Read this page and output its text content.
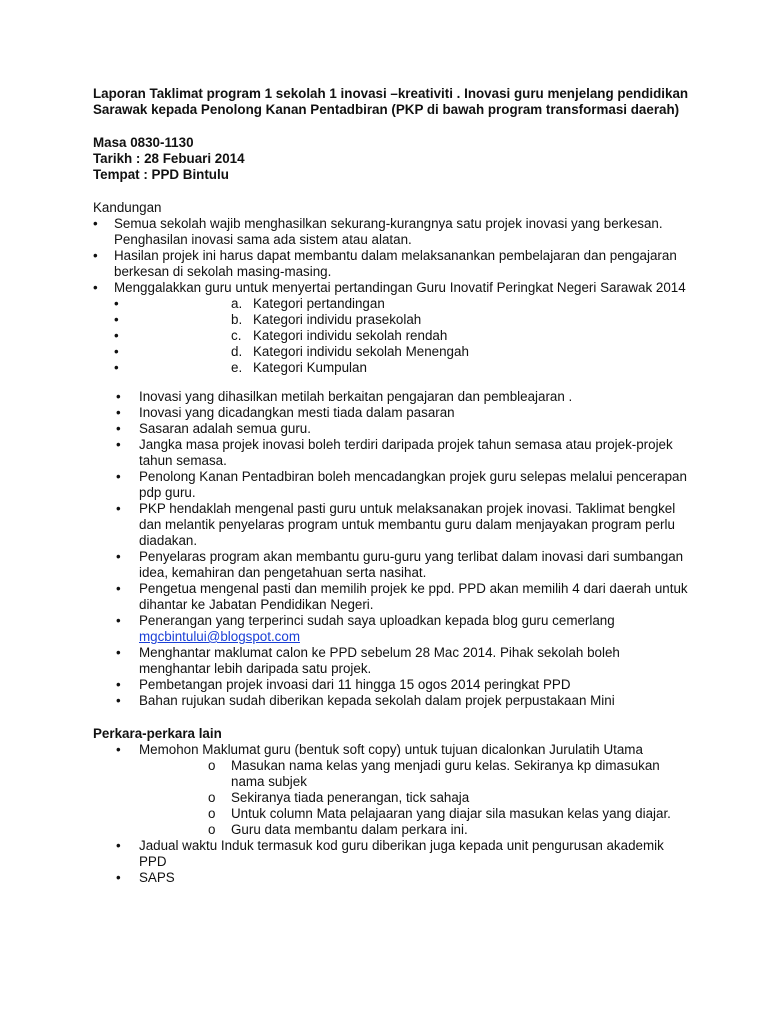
Laporan Taklimat program 1 sekolah 1 inovasi –kreativiti . Inovasi guru menjelang pendidikan Sarawak kepada Penolong Kanan Pentadbiran (PKP di bawah program transformasi daerah)

Masa 0830-1130
Tarikh : 28 Febuari 2014
Tempat : PPD Bintulu
Kandungan
• Semua sekolah wajib menghasilkan sekurang-kurangnya satu projek inovasi yang berkesan. Penghasilan inovasi sama ada sistem atau alatan.
• Hasilan projek ini harus dapat membantu dalam melaksanankan pembelajaran dan pengajaran berkesan di sekolah masing-masing.
• Menggalakkan guru untuk menyertai pertandingan Guru Inovatif Peringkat Negeri Sarawak 2014
• a. Kategori pertandingan
• b. Kategori individu prasekolah
• c. Kategori individu sekolah rendah
• d. Kategori individu sekolah Menengah
• e. Kategori Kumpulan
• Inovasi yang dihasilkan metilah berkaitan pengajaran dan pembleajaran .
• Inovasi yang dicadangkan mesti tiada dalam pasaran
• Sasaran adalah semua guru.
• Jangka masa projek inovasi boleh terdiri daripada projek tahun semasa atau projek-projek tahun semasa.
• Penolong Kanan Pentadbiran boleh mencadangkan projek guru selepas melalui pencerapan pdp guru.
• PKP hendaklah mengenal pasti guru untuk melaksanakan projek inovasi. Taklimat bengkel dan melantik penyelaras program untuk membantu guru dalam menjayakan program perlu diadakan.
• Penyelaras program akan membantu guru-guru yang terlibat dalam inovasi dari sumbangan idea, kemahiran dan pengetahuan serta nasihat.
• Pengetua mengenal pasti dan memilih projek ke ppd. PPD akan memilih 4 dari daerah untuk dihantar ke Jabatan Pendidikan Negeri.
• Penerangan yang terperinci sudah saya uploadkan kepada blog guru cemerlang
mgcbintului@blogspot.com
• Menghantar maklumat calon ke PPD sebelum 28 Mac 2014. Pihak sekolah boleh menghantar lebih daripada satu projek.
• Pembetangan projek invoasi dari 11 hingga 15 ogos 2014 peringkat PPD
• Bahan rujukan sudah diberikan kepada sekolah dalam projek perpustakaan Mini
Perkara-perkara lain
• Memohon Maklumat guru (bentuk soft copy) untuk tujuan dicalonkan Jurulatih Utama
o Masukan nama kelas yang menjadi guru kelas. Sekiranya kp dimasukan nama subjek
o Sekiranya tiada penerangan, tick sahaja
o Untuk column Mata pelajaaran yang diajar sila masukan kelas yang diajar.
o Guru data membantu dalam perkara ini.
• Jadual waktu Induk termasuk kod guru diberikan juga kepada unit pengurusan akademik PPD
• SAPS
